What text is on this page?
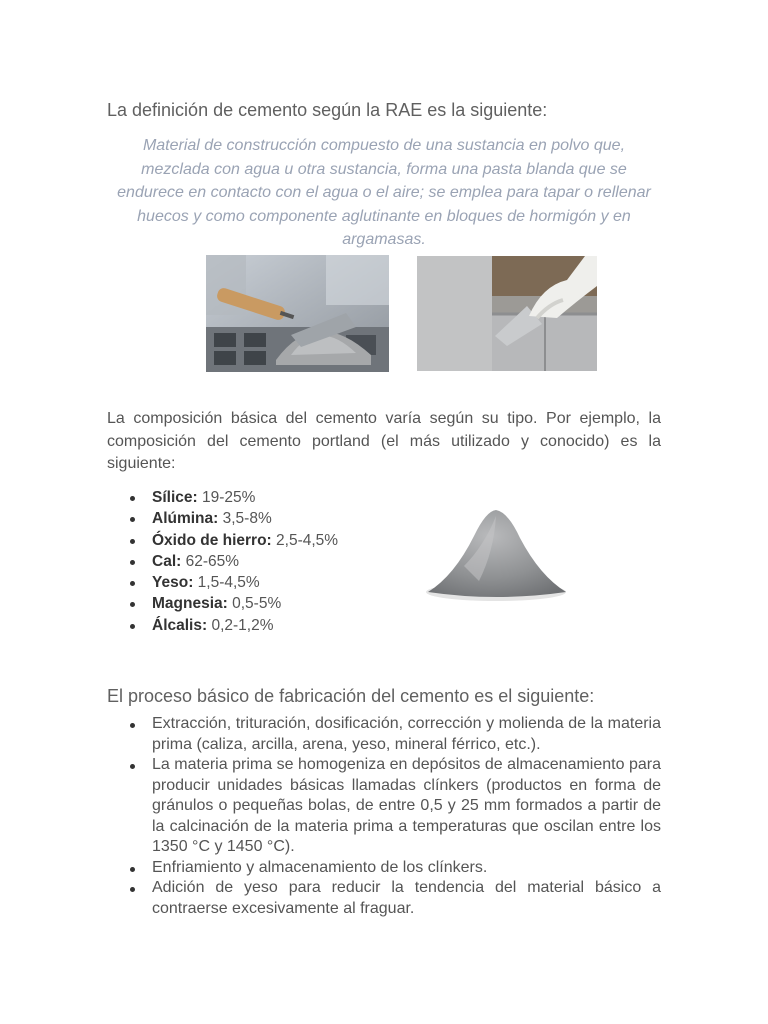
La definición de cemento según la RAE es la siguiente:

Material de construcción compuesto de una sustancia en polvo que, mezclada con agua u otra sustancia, forma una pasta blanda que se endurece en contacto con el agua o el aire; se emplea para tapar o rellenar huecos y como componente aglutinante en bloques de hormigón y en argamasas.

La composición básica del cemento varía según su tipo. Por ejemplo, la composición del cemento portland (el más utilizado y conocido) es la siguiente:

Sílice: 19-25%
Alúmina: 3,5-8%
Óxido de hierro: 2,5-4,5%
Cal: 62-65%
Yeso: 1,5-4,5%
Magnesia: 0,5-5%
Álcalis: 0,2-1,2%
El proceso básico de fabricación del cemento es el siguiente:
Extracción, trituración, dosificación, corrección y molienda de la materia prima (caliza, arcilla, arena, yeso, mineral férrico, etc.).
La materia prima se homogeniza en depósitos de almacenamiento para producir unidades básicas llamadas clínkers (productos en forma de gránulos o pequeñas bolas, de entre 0,5 y 25 mm formados a partir de la calcinación de la materia prima a temperaturas que oscilan entre los 1350 °C y 1450 °C).
Enfriamiento y almacenamiento de los clínkers.
Adición de yeso para reducir la tendencia del material básico a contraerse excesivamente al fraguar.
